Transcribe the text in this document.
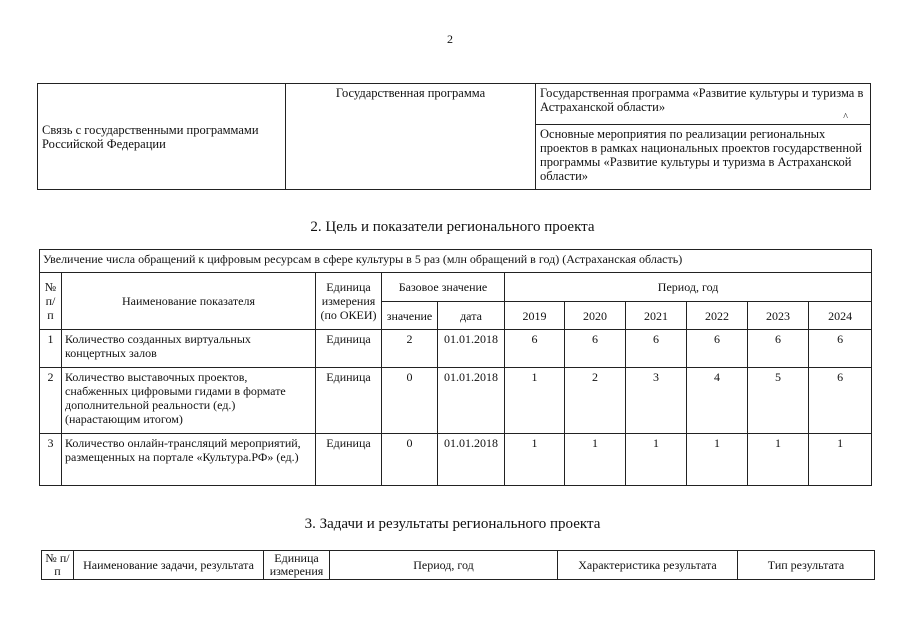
2
Связь с государственными программами Российской Федерации	Государственная программа	Государственная программа «Развитие культуры и туризма в Астраханской области»
^

Основные мероприятия по реализации региональных проектов в рамках национальных проектов государственной программы «Развитие культуры и туризма в Астраханской области»
2. Цель и показатели регионального проекта
Увеличение числа обращений к цифровым ресурсам в сфере культуры в 5 раз (млн обращений в год) (Астраханская область)										
№ п/п	Наименование показателя	Единица измерения (по ОКЕИ)	Базовое значение		Период, год					
			значение	дата	2019	2020	2021	2022	2023	2024
1	Количество созданных виртуальных концертных залов	Единица	2	01.01.2018	6	6	6	6	6	6
2	Количество выставочных проектов, снабженных цифровыми гидами в формате дополнительной реальности (ед.) (нарастающим итогом)	Единица	0	01.01.2018	1	2	3	4	5	6
3	Количество онлайн-трансляций мероприятий, размещенных на портале «Культура.РФ» (ед.)	Единица	0	01.01.2018	1	1	1	1	1	1
3. Задачи и результаты регионального проекта
№ п/п	Наименование задачи, результата	Единица измерения	Период, год	Характеристика результата	Тип результата
